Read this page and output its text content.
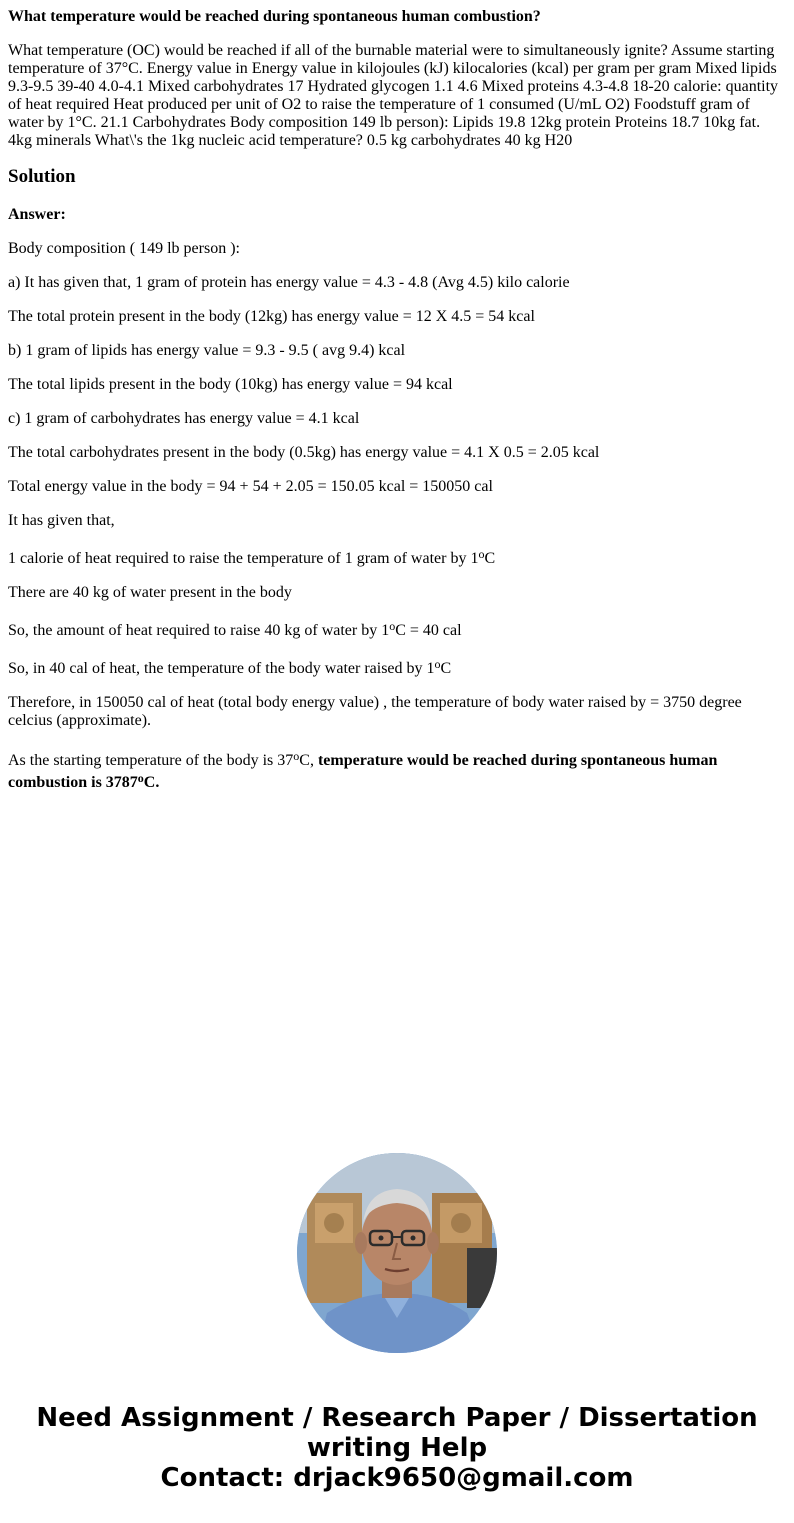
What temperature would be reached during spontaneous human combustion?
What temperature (OC) would be reached if all of the burnable material were to simultaneously ignite? Assume starting temperature of 37°C. Energy value in Energy value in kilojoules (kJ) kilocalories (kcal) per gram per gram Mixed lipids 9.3-9.5 39-40 4.0-4.1 Mixed carbohydrates 17 Hydrated glycogen 1.1 4.6 Mixed proteins 4.3-4.8 18-20 calorie: quantity of heat required Heat produced per unit of O2 to raise the temperature of 1 consumed (U/mL O2) Foodstuff gram of water by 1°C. 21.1 Carbohydrates Body composition 149 lb person): Lipids 19.8 12kg protein Proteins 18.7 10kg fat. 4kg minerals What\'s the 1kg nucleic acid temperature? 0.5 kg carbohydrates 40 kg H20
Solution

Answer:

Body composition ( 149 lb person ):

a) It has given that, 1 gram of protein has energy value = 4.3 - 4.8 (Avg 4.5) kilo calorie

The total protein present in the body (12kg) has energy value = 12 X 4.5 = 54 kcal

b) 1 gram of lipids has energy value = 9.3 - 9.5 ( avg 9.4) kcal

The total lipids present in the body (10kg) has energy value = 94 kcal

c) 1 gram of carbohydrates has energy value = 4.1 kcal

The total carbohydrates present in the body (0.5kg) has energy value = 4.1 X 0.5 = 2.05 kcal

Total energy value in the body = 94 + 54 + 2.05 = 150.05 kcal = 150050 cal

It has given that,

1 calorie of heat required to raise the temperature of 1 gram of water by 1$^o$C

There are 40 kg of water present in the body

So, the amount of heat required to raise 40 kg of water by $1^oC = 40$ cal

So, in 40 cal of heat, the temperature of the body water raised by 1$^o$C

Therefore, in 150050 cal of heat (total body energy value) , the temperature of body water raised by = 3750 degree celcius (approximate).

As the starting temperature of the body is 37$^o$C, temperature would be reached during spontaneous human combustion is 3787$^o$C.

Need Assignment / Research Paper / Dissertation
writing Help
Contact: drjack9650@gmail.com
